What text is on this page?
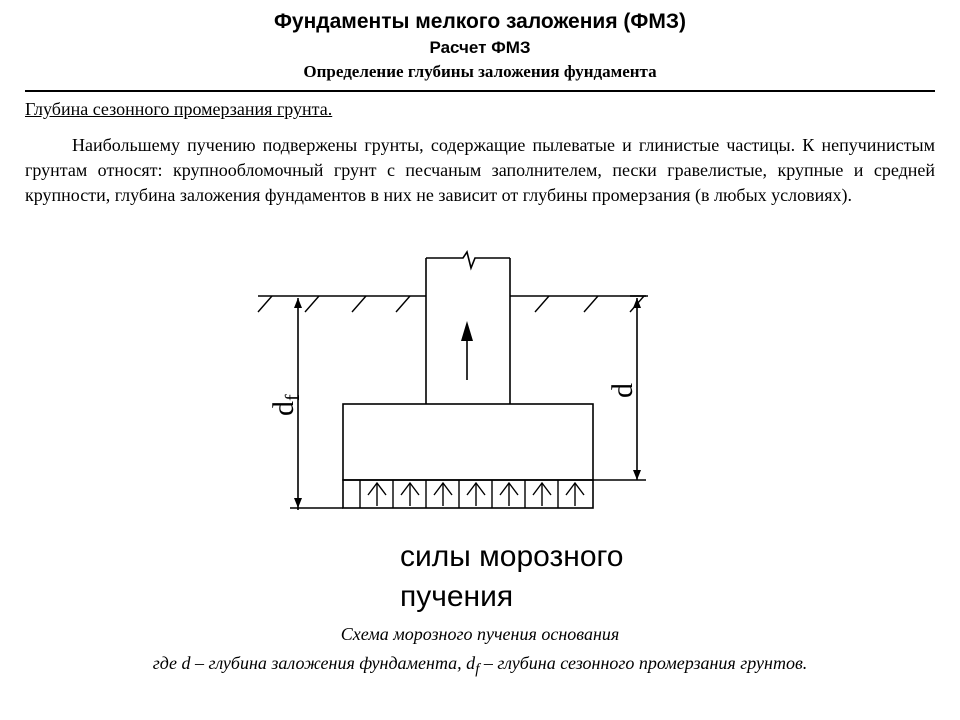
Фундаменты мелкого заложения (ФМЗ)
Расчет ФМЗ
Определение глубины заложения фундамента
Глубина сезонного промерзания грунта.

Наибольшему пучению подвержены грунты, содержащие пылеватые и глинистые частицы. К непучинистым грунтам относят: крупнообломочный грунт с песчаным заполнителем, пески гравелистые, крупные и средней крупности, глубина заложения фундаментов в них не зависит от глубины промерзания (в любых условиях).

$d_f$	d
силы морозного
пучения
Схема морозного пучения основания
где d – глубина заложения фундамента, $d_f$ – глубина сезонного промерзания грунтов.
